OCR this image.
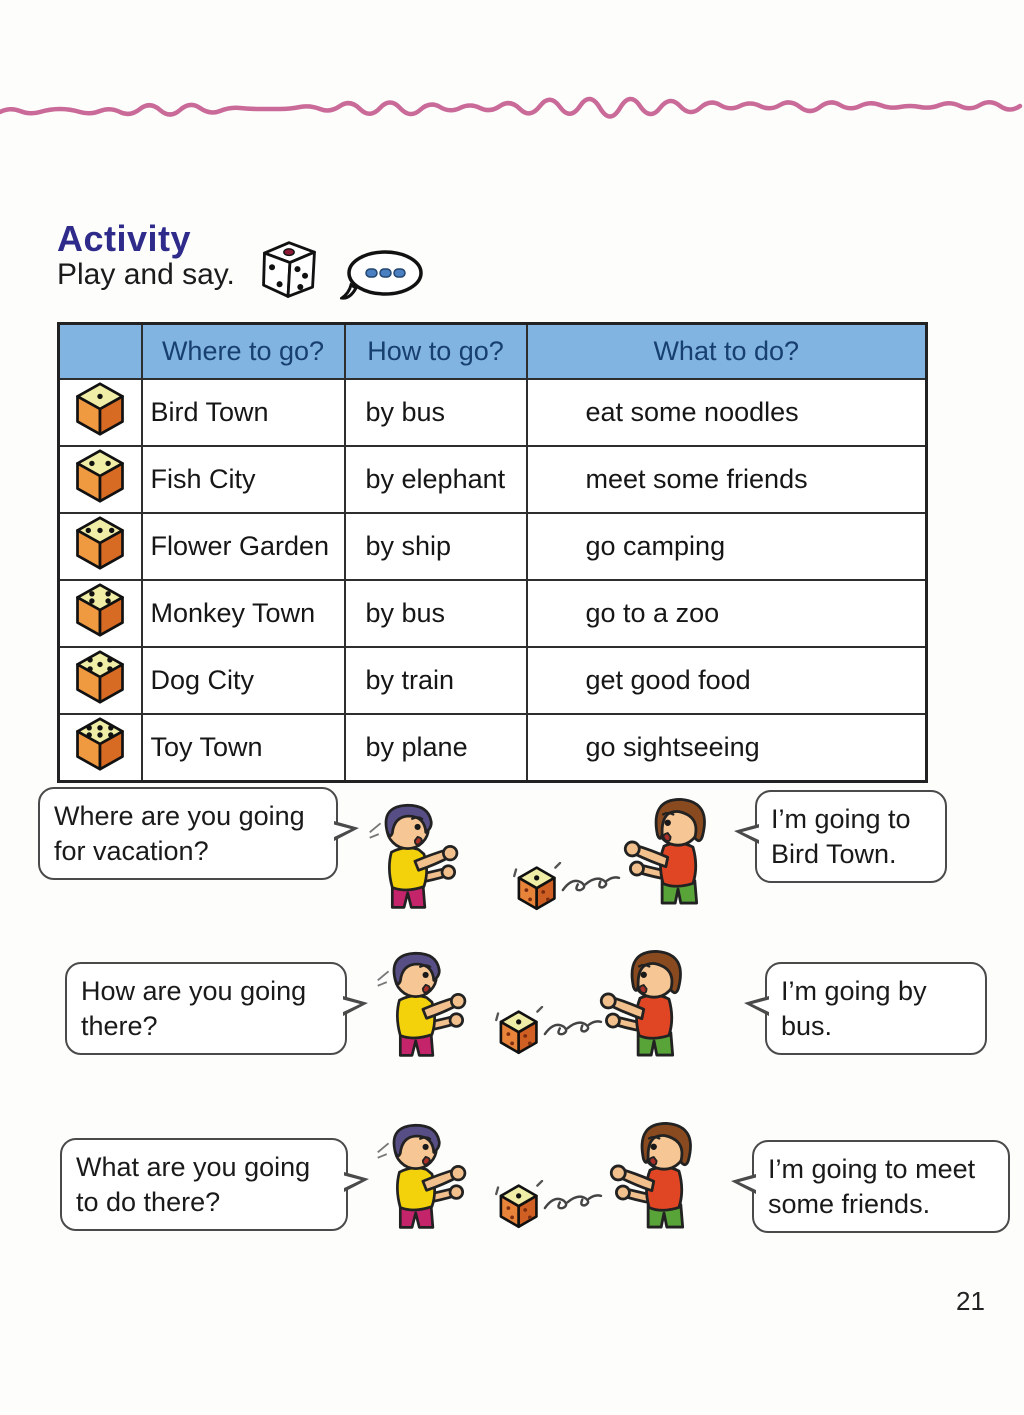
Activity
Play and say.
	Where to go?	How to go?	What to do?
	Bird Town	by bus	eat some noodles
	Fish City	by elephant	meet some friends
	Flower Garden	by ship	go camping
	Monkey Town	by bus	go to a zoo
	Dog City	by train	get good food
	Toy Town	by plane	go sightseeing
Where are you going for vacation?
I’m going to Bird Town.
How are you going there?
I’m going by bus.
What are you going to do there?
I’m going to meet some friends.
21
